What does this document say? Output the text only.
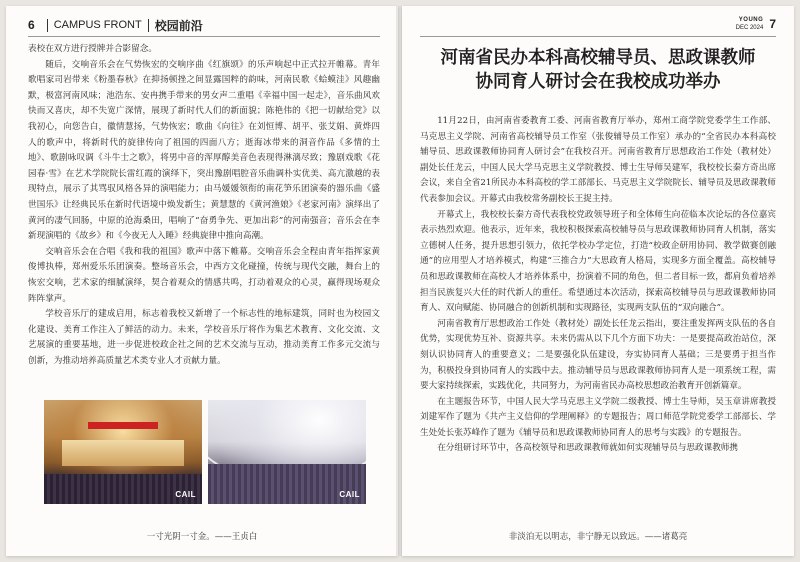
6 CAMPUS FRONT 校园前沿

表校在双方进行授牌并合影留念。

随后，交响音乐会在气势恢宏的交响序曲《红旗颂》的乐声响起中正式拉开帷幕。青年歌唱家司岩带来《粉墨春秋》在抑扬顿挫之间显露国粹的韵味，河南民歌《蛤蟆洼》风趣幽默，极富河南风味；池浩东、安冉携手带来的男女声二重唱《幸福中国一起走》，音乐曲风欢快而又喜庆，却不失宽广深情，展现了新时代人们的新面貌；陈艳伟的《把一切献给党》以我初心，向您告白，徽情慧扬，气势恢宏；歌曲《向往》在刘恒博、胡平、张艾娟、黄烨四人的歌声中，将新时代的旋律传向了祖国的四面八方；逝海冰带来的洞音作品《多情的土地》、歌剧咏叹调《斗牛士之歌》，将男中音的浑厚醇美音色表现得淋漓尽致；豫剧戏歌《花园春·雪》在艺术学院院长雷红霞的演绎下，突出豫剧唱腔音乐曲调朴实优美、高亢激越的表现特点，展示了其骂驭风格各异的演唱能力；由马媛媛领衔的南花笋乐团演奏的器乐曲《盛世国乐》让经典民乐在新时代语境中焕发新生；黄慧慧的《黄河渔娘》《老家河南》演绎出了黄河的凄气回肠，中原的沧海桑田，唱响了“奋勇争先、更加出彩”的河南强音；音乐会在李新现演唱的《故乡》和《今夜无人入睡》经典旋律中推向高潮。

交响音乐会在合唱《我和我的祖国》歌声中落下帷幕。交响音乐会全程由青年指挥家黄俊博执棒，郑州爱乐乐团演奏。整场音乐会，中西方文化碰撞，传统与现代交融，舞台上的恢宏交响，艺术家的细腻演绎，契合着观众的情感共鸣，打动着观众的心灵，赢得现场观众阵阵掌声。

学校音乐厅的建成启用，标志着我校又新增了一个标志性的地标建筑，同时也为校园文化建设、美育工作注入了鲜活的动力。未来，学校音乐厅将作为集艺术教育、文化交流、文艺展演的重要基地，进一步促进校政企社之间的艺术交流与互动，推动美育工作多元交流与创新，为推动培养高质量艺术类专业人才贡献力量。

CAIL	CAIL
一寸光阴一寸金。——王贞白
YOUNG
DEC 2024 7
河南省民办本科高校辅导员、思政课教师
协同育人研讨会在我校成功举办

11月22日，由河南省委教育工委、河南省教育厅举办，郑州工商学院党委学生工作部、马克思主义学院、河南省高校辅导员工作室（张俊辅导员工作室）承办的“全省民办本科高校辅导员、思政课教师协同育人研讨会”在我校召开。河南省教育厅思想政治工作处（教材处）副处长任龙云，中国人民大学马克思主义学院教授、博士生导师吴建军，我校校长秦方奇出席会议，来自全省21所民办本科高校的学工部部长、马克思主义学院院长、辅导员及思政课教师代表参加会议。开幕式由我校常务副校长王捉主持。

开幕式上，我校校长秦方奇代表我校党政领导班子和全体师生向莅临本次论坛的各位嘉宾表示热烈欢迎。他表示，近年来，我校积极探索高校辅导员与思政课教师协同育人机制，落实立德树人任务，提升思想引领力，依托学校办学定位，打造“校政企研用协同、教学做赛创融通”的应用型人才培养模式，构建“三推合力”大思政育人格局，实现多方面全覆盖。高校辅导员和思政课教师在高校人才培养体系中，扮演着不同的角色，但二者目标一致，都肩负着培养担当民族复兴大任的时代新人的重任。希望通过本次活动，探索高校辅导员与思政课教师协同育人、双向赋能、协同融合的创新机制和实现路径，实现两支队伍的“双向融合”。

河南省教育厅思想政治工作处（教材处）副处长任龙云指出，要注重发挥两支队伍的各自优势，实现优势互补、资源共享。未来仍需从以下几个方面下功夫：一是要提高政治站位，深刻认识协同育人的重要意义；二是要强化队伍建设，夯实协同育人基础；三是要勇于担当作为，积极投身到协同育人的实践中去。推动辅导员与思政课教师协同育人是一项系统工程，需要大家持续探索，实践优化，共同努力，为河南省民办高校思想政治教育开创新篇章。

在主题报告环节，中国人民大学马克思主义学院二级教授、博士生导师，吴玉章讲席教授刘建军作了题为《共产主义信仰的学理阐释》的专题报告；周口师范学院党委学工部部长、学生处处长张苏峰作了题为《辅导员和思政课教师协同育人的思考与实践》的专题报告。

在分组研讨环节中，各高校领导和思政课教师就如何实现辅导员与思政课教师携

非淡泊无以明志，非宁静无以致远。——诸葛亮
